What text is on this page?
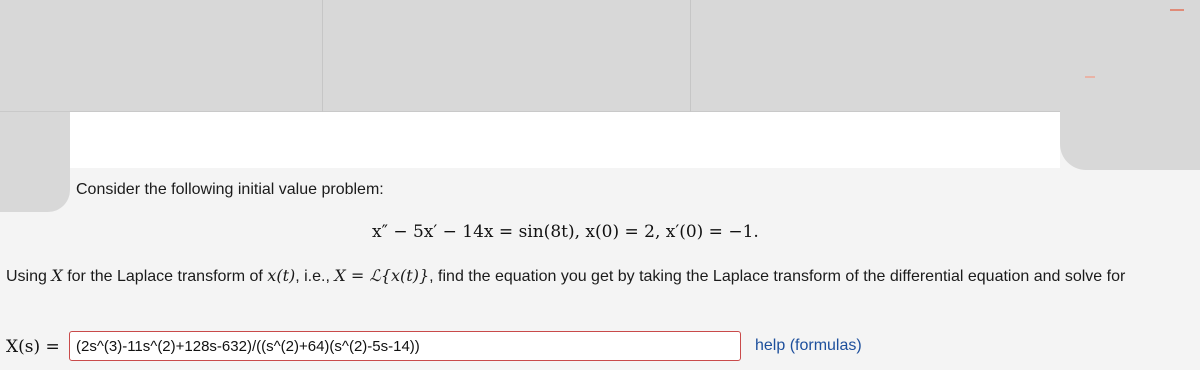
Consider the following initial value problem:
x″ − 5x′ − 14x = sin(8t), x(0) = 2, x′(0) = −1.
Using X for the Laplace transform of x(t), i.e., X = ℒ{x(t)}, find the equation you get by taking the Laplace transform of the differential equation and solve for
X(s) =
(2s^(3)-11s^(2)+128s-632)/((s^(2)+64)(s^(2)-5s-14))	help (formulas)
